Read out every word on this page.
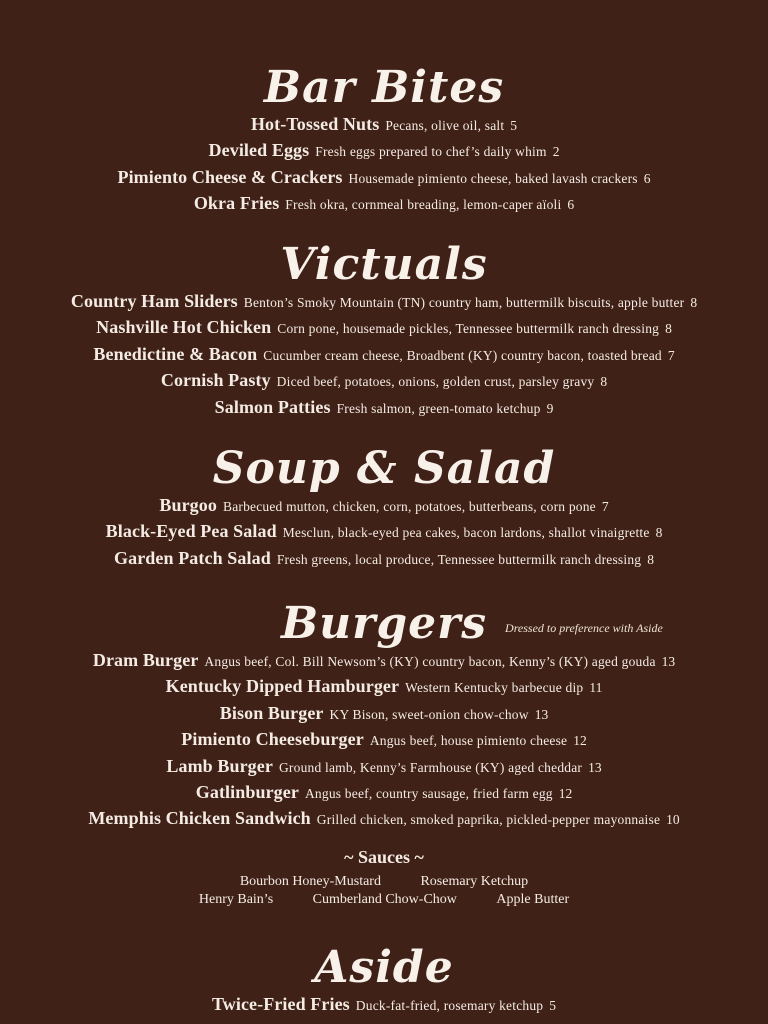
Bar Bites
Hot-Tossed Nuts Pecans, olive oil, salt 5
Deviled Eggs Fresh eggs prepared to chef’s daily whim 2
Pimiento Cheese & Crackers Housemade pimiento cheese, baked lavash crackers 6
Okra Fries Fresh okra, cornmeal breading, lemon-caper aïoli 6
Victuals
Country Ham Sliders Benton’s Smoky Mountain (TN) country ham, buttermilk biscuits, apple butter 8
Nashville Hot Chicken Corn pone, housemade pickles, Tennessee buttermilk ranch dressing 8
Benedictine & Bacon Cucumber cream cheese, Broadbent (KY) country bacon, toasted bread 7
Cornish Pasty Diced beef, potatoes, onions, golden crust, parsley gravy 8
Salmon Patties Fresh salmon, green-tomato ketchup 9
Soup & Salad
Burgoo Barbecued mutton, chicken, corn, potatoes, butterbeans, corn pone 7
Black-Eyed Pea Salad Mesclun, black-eyed pea cakes, bacon lardons, shallot vinaigrette 8
Garden Patch Salad Fresh greens, local produce, Tennessee buttermilk ranch dressing 8
Burgers Dressed to preference with Aside
Dram Burger Angus beef, Col. Bill Newsom’s (KY) country bacon, Kenny’s (KY) aged gouda 13
Kentucky Dipped Hamburger Western Kentucky barbecue dip 11
Bison Burger KY Bison, sweet-onion chow-chow 13
Pimiento Cheeseburger Angus beef, house pimiento cheese 12
Lamb Burger Ground lamb, Kenny’s Farmhouse (KY) aged cheddar 13
Gatlinburger Angus beef, country sausage, fried farm egg 12
Memphis Chicken Sandwich Grilled chicken, smoked paprika, pickled-pepper mayonnaise 10
~ Sauces ~
Bourbon Honey-Mustard	Rosemary Ketchup
Henry Bain’s	Cumberland Chow-Chow	Apple Butter
Aside
Twice-Fried Fries Duck-fat-fried, rosemary ketchup 5
